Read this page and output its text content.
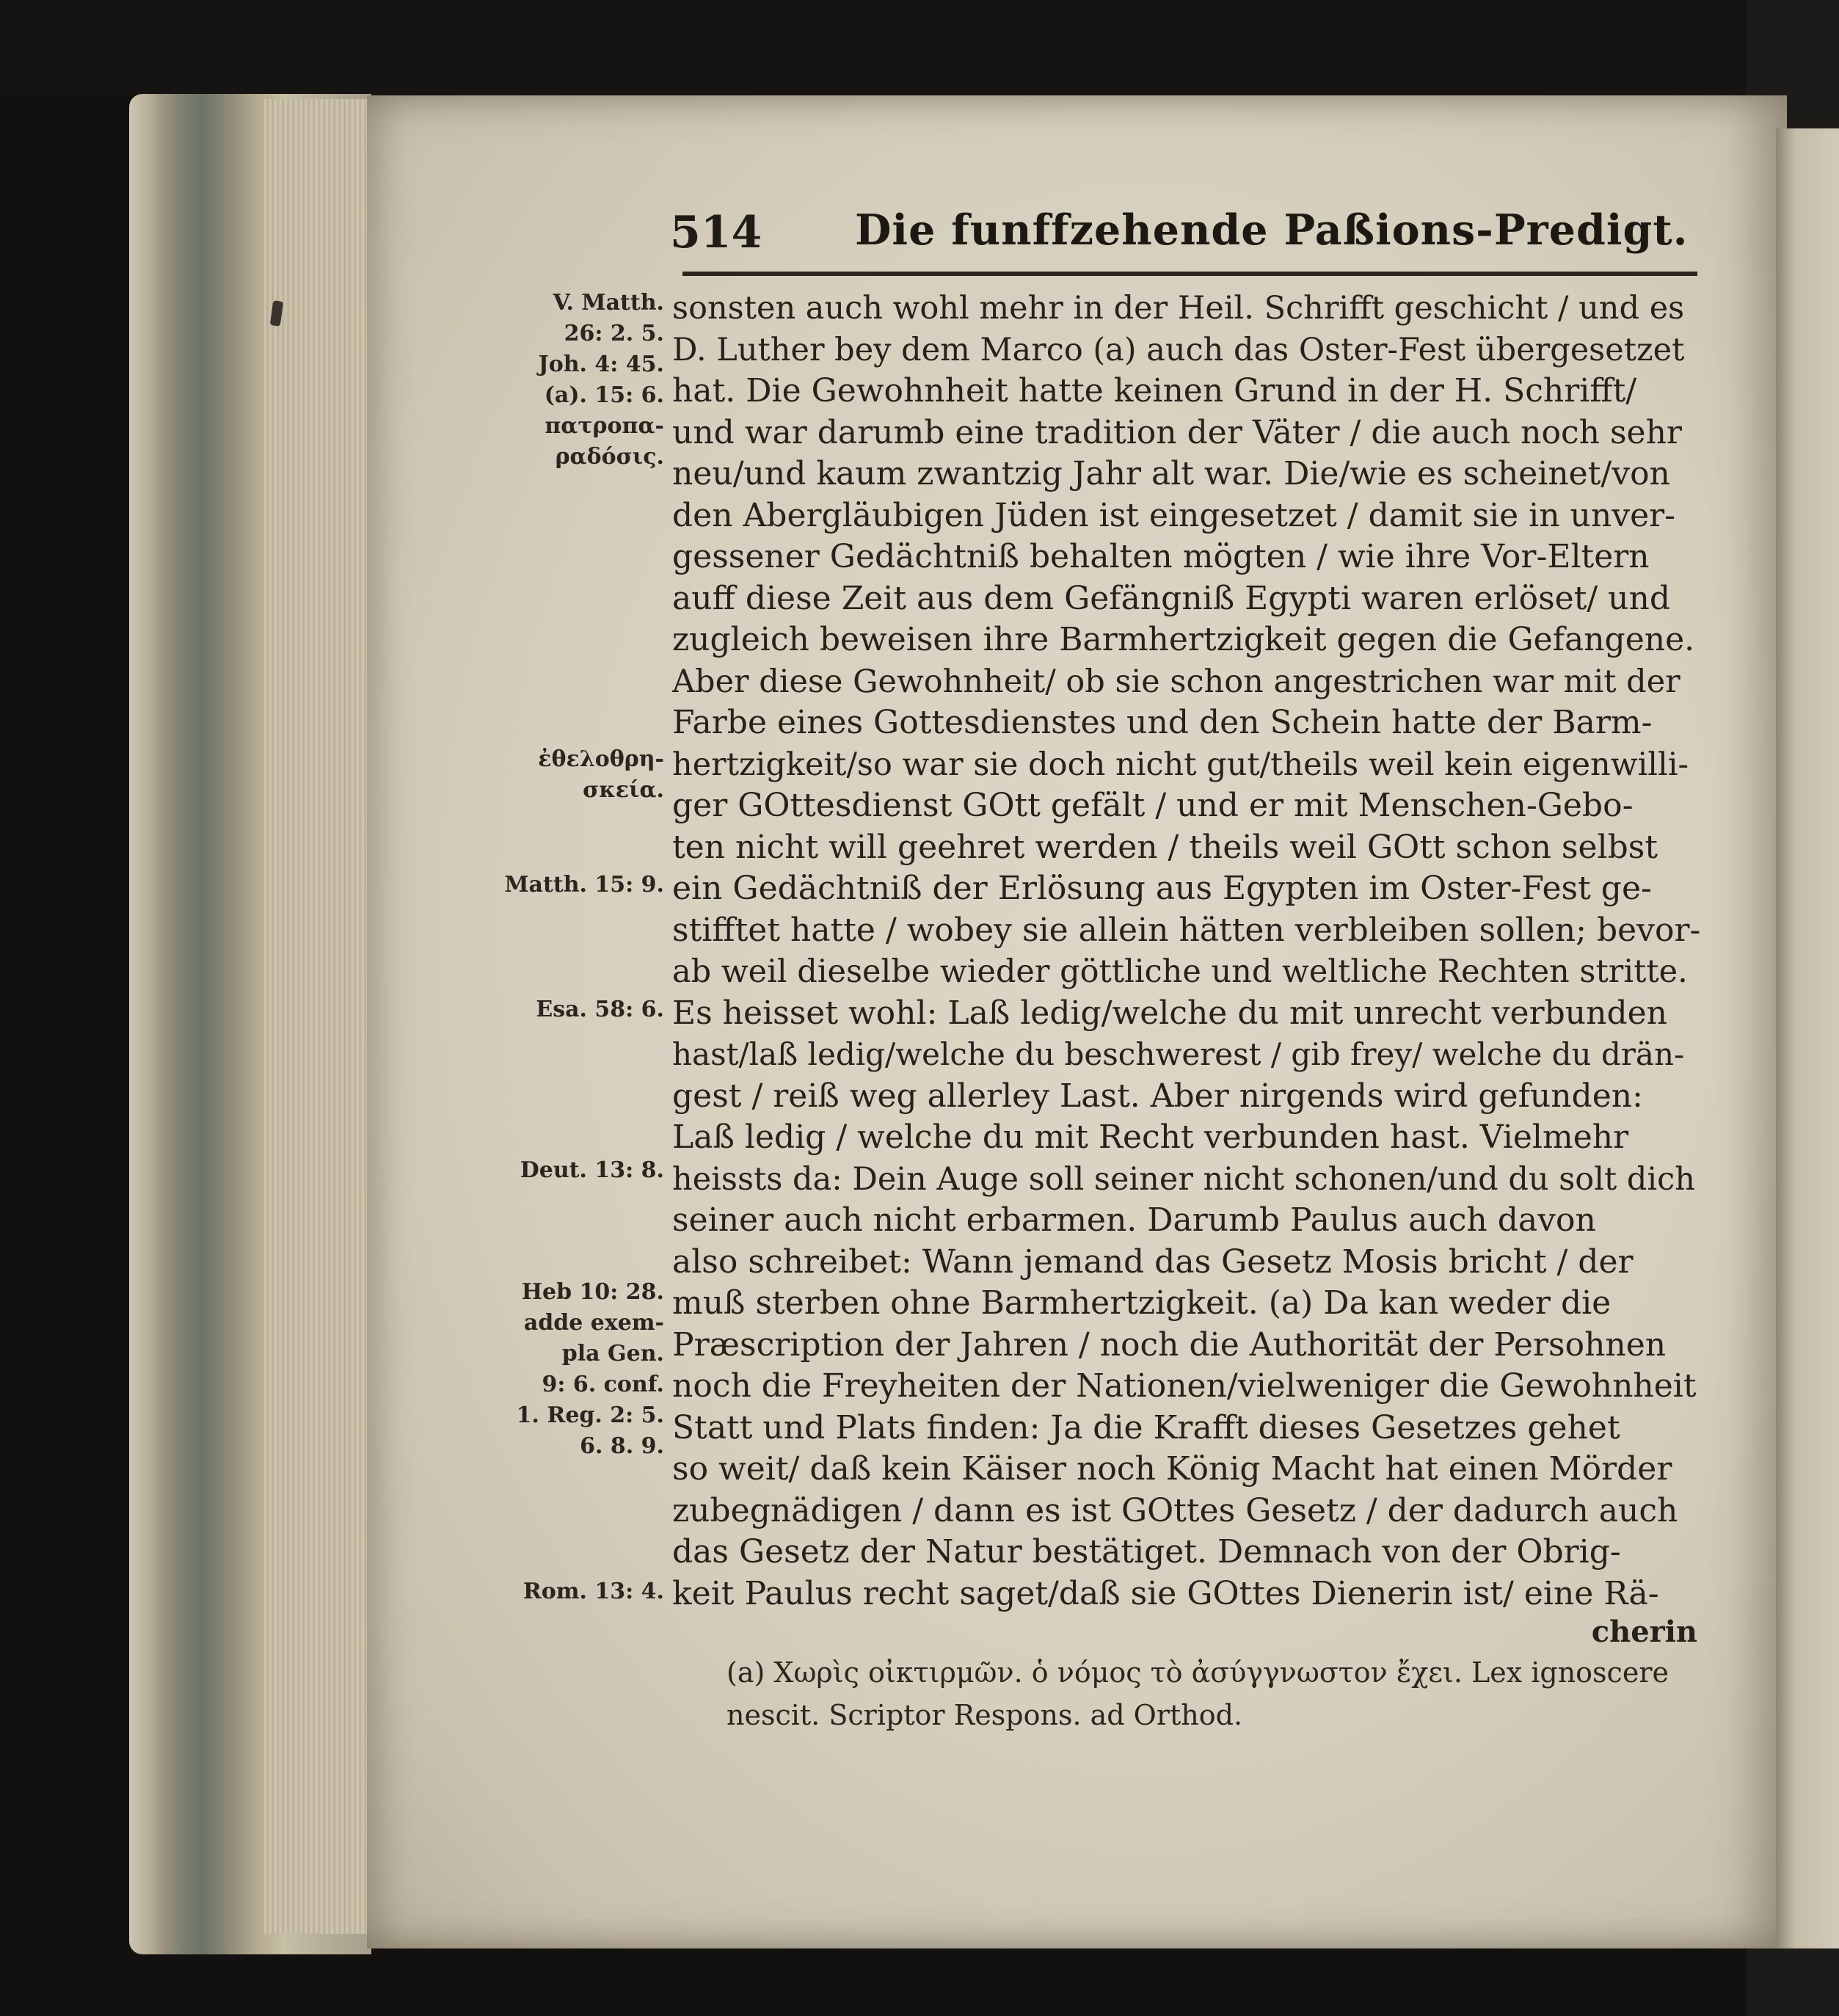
514 Die funffzehende Paßions-Predigt.
V. Matth.
26: 2. 5.
Joh. 4: 45.
(a). 15: 6.
πατρoπα-
ραδόσις.
ἐθελoθρη-
σκεία.
Matth. 15: 9.
Esa. 58: 6.
Deut. 13: 8.
Heb 10: 28.
adde exem-
pla Gen.
9: 6. conf.
1. Reg. 2: 5.
6. 8. 9.
Rom. 13: 4.
sonsten auch wohl mehr in der Heil. Schrifft geschicht / und es
D. Luther bey dem Marco (a) auch das Oster-Fest übergesetzet
hat. Die Gewohnheit hatte keinen Grund in der H. Schrifft/
und war darumb eine tradition der Väter / die auch noch sehr
neu/und kaum zwantzig Jahr alt war. Die/wie es scheinet/von
den Abergläubigen Jüden ist eingesetzet / damit sie in unver-
gessener Gedächtniß behalten mögten / wie ihre Vor-Eltern
auff diese Zeit aus dem Gefängniß Egypti waren erlöset/ und
zugleich beweisen ihre Barmhertzigkeit gegen die Gefangene.
Aber diese Gewohnheit/ ob sie schon angestrichen war mit der
Farbe eines Gottesdienstes und den Schein hatte der Barm-
hertzigkeit/so war sie doch nicht gut/theils weil kein eigenwilli-
ger GOttesdienst GOtt gefält / und er mit Menschen-Gebo-
ten nicht will geehret werden / theils weil GOtt schon selbst
ein Gedächtniß der Erlösung aus Egypten im Oster-Fest ge-
stifftet hatte / wobey sie allein hätten verbleiben sollen; bevor-
ab weil dieselbe wieder göttliche und weltliche Rechten stritte.
Es heisset wohl: Laß ledig/welche du mit unrecht verbunden
hast/laß ledig/welche du beschwerest / gib frey/ welche du drän-
gest / reiß weg allerley Last. Aber nirgends wird gefunden:
Laß ledig / welche du mit Recht verbunden hast. Vielmehr
heissts da: Dein Auge soll seiner nicht schonen/und du solt dich
seiner auch nicht erbarmen. Darumb Paulus auch davon
also schreibet: Wann jemand das Gesetz Mosis bricht / der
muß sterben ohne Barmhertzigkeit. (a) Da kan weder die
Præscription der Jahren / noch die Authorität der Persohnen
noch die Freyheiten der Nationen/vielweniger die Gewohnheit
Statt und Plats finden: Ja die Krafft dieses Gesetzes gehet
so weit/ daß kein Käiser noch König Macht hat einen Mörder
zubegnädigen / dann es ist GOttes Gesetz / der dadurch auch
das Gesetz der Natur bestätiget. Demnach von der Obrig-
keit Paulus recht saget/daß sie GOttes Dienerin ist/ eine Rä-
cherin
(a) Χωρὶς οἰκτιρμῶν. ὁ νόμος τὸ ἀσύγγνωστον ἔχει. Lex ignoscere
nescit. Scriptor Respons. ad Orthod.
